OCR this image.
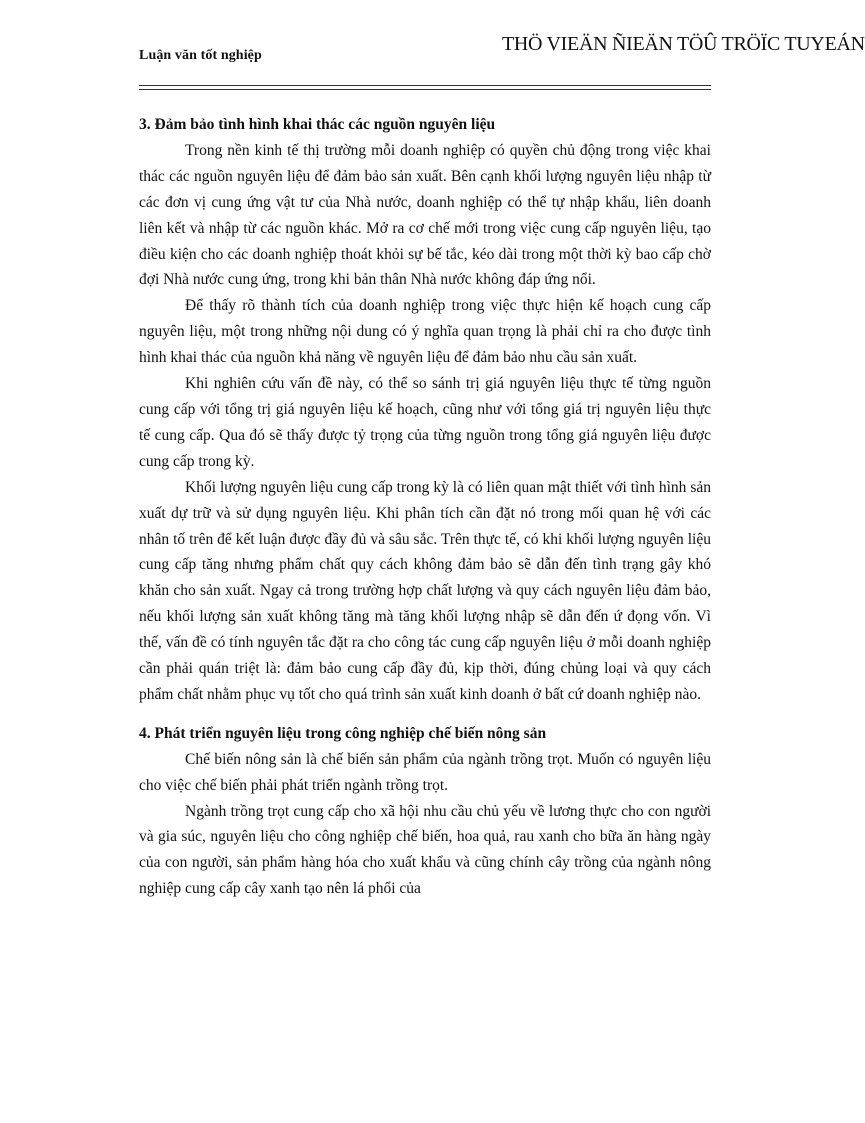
Luận văn tốt nghiệp
THÖ VIEÄN ÑIEÄN TÖÛ TRÖÏC TUYEÁN
3. Đảm bảo tình hình khai thác các nguồn nguyên liệu

Trong nền kinh tế thị trường mỗi doanh nghiệp có quyền chủ động trong việc khai thác các nguồn nguyên liệu để đảm bảo sản xuất. Bên cạnh khối lượng nguyên liệu nhập từ các đơn vị cung ứng vật tư của Nhà nước, doanh nghiệp có thể tự nhập khẩu, liên doanh liên kết và nhập từ các nguồn khác. Mở ra cơ chế mới trong việc cung cấp nguyên liệu, tạo điều kiện cho các doanh nghiệp thoát khỏi sự bế tắc, kéo dài trong một thời kỳ bao cấp chờ đợi Nhà nước cung ứng, trong khi bản thân Nhà nước không đáp ứng nổi.

Để thấy rõ thành tích của doanh nghiệp trong việc thực hiện kế hoạch cung cấp nguyên liệu, một trong những nội dung có ý nghĩa quan trọng là phải chỉ ra cho được tình hình khai thác của nguồn khả năng về nguyên liệu để đảm bảo nhu cầu sản xuất.

Khi nghiên cứu vấn đề này, có thể so sánh trị giá nguyên liệu thực tế từng nguồn cung cấp với tổng trị giá nguyên liệu kế hoạch, cũng như với tổng giá trị nguyên liệu thực tế cung cấp. Qua đó sẽ thấy được tỷ trọng của từng nguồn trong tổng giá nguyên liệu được cung cấp trong kỳ.

Khối lượng nguyên liệu cung cấp trong kỳ là có liên quan mật thiết với tình hình sản xuất dự trữ và sử dụng nguyên liệu. Khi phân tích cần đặt nó trong mối quan hệ với các nhân tố trên để kết luận được đầy đủ và sâu sắc. Trên thực tế, có khi khối lượng nguyên liệu cung cấp tăng nhưng phẩm chất quy cách không đảm bảo sẽ dẫn đến tình trạng gây khó khăn cho sản xuất. Ngay cả trong trường hợp chất lượng và quy cách nguyên liệu đảm bảo, nếu khối lượng sản xuất không tăng mà tăng khối lượng nhập sẽ dẫn đến ứ đọng vốn. Vì thế, vấn đề có tính nguyên tắc đặt ra cho công tác cung cấp nguyên liệu ở mỗi doanh nghiệp cần phải quán triệt là: đảm bảo cung cấp đầy đủ, kịp thời, đúng chủng loại và quy cách phẩm chất nhằm phục vụ tốt cho quá trình sản xuất kinh doanh ở bất cứ doanh nghiệp nào.

4. Phát triển nguyên liệu trong công nghiệp chế biến nông sản

Chế biến nông sản là chế biến sản phẩm của ngành trồng trọt. Muốn có nguyên liệu cho việc chế biến phải phát triển ngành trồng trọt.

Ngành trồng trọt cung cấp cho xã hội nhu cầu chủ yếu về lương thực cho con người và gia súc, nguyên liệu cho công nghiệp chế biến, hoa quả, rau xanh cho bữa ăn hàng ngày của con người, sản phẩm hàng hóa cho xuất khẩu và cũng chính cây trồng của ngành nông nghiệp cung cấp cây xanh tạo nên lá phổi của
